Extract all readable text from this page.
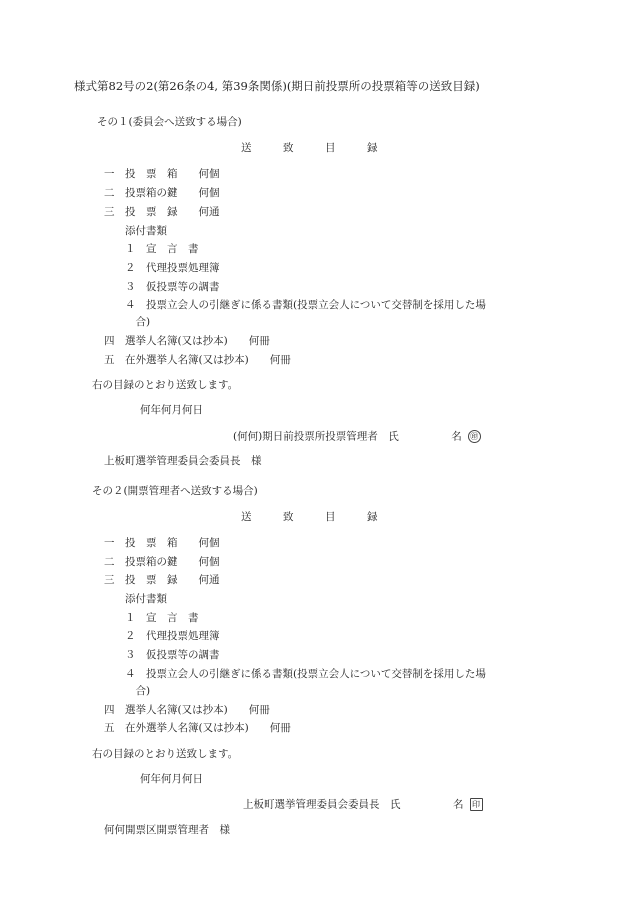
様式第82号の2(第26条の4, 第39条関係)(期日前投票所の投票箱等の送致目録)
その１(委員会へ送致する場合)
送　　　致　　　目　　　録
一　投　票　箱　　何個
二　投票箱の鍵　　何個
三　投　票　録　　何通
　　添付書類
　　１　宣　言　書
　　２　代理投票処理簿
　　３　仮投票等の調書
　　４　投票立会人の引継ぎに係る書類(投票立会人について交替制を採用した場
　　　合)
四　選挙人名簿(又は抄本)　　何冊
五　在外選挙人名簿(又は抄本)　　何冊
右の目録のとおり送致します。
何年何月何日
(何何)期日前投票所投票管理者　氏　　　　　名 ㊞
上板町選挙管理委員会委員長　様
その２(開票管理者へ送致する場合)
送　　　致　　　目　　　録
一　投　票　箱　　何個
二　投票箱の鍵　　何個
三　投　票　録　　何通
　　添付書類
　　１　宣　言　書
　　２　代理投票処理簿
　　３　仮投票等の調書
　　４　投票立会人の引継ぎに係る書類(投票立会人について交替制を採用した場
　　　合)
四　選挙人名簿(又は抄本)　　何冊
五　在外選挙人名簿(又は抄本)　　何冊
右の目録のとおり送致します。
何年何月何日
上板町選挙管理委員会委員長　氏　　　　　名 印
何何開票区開票管理者　様
